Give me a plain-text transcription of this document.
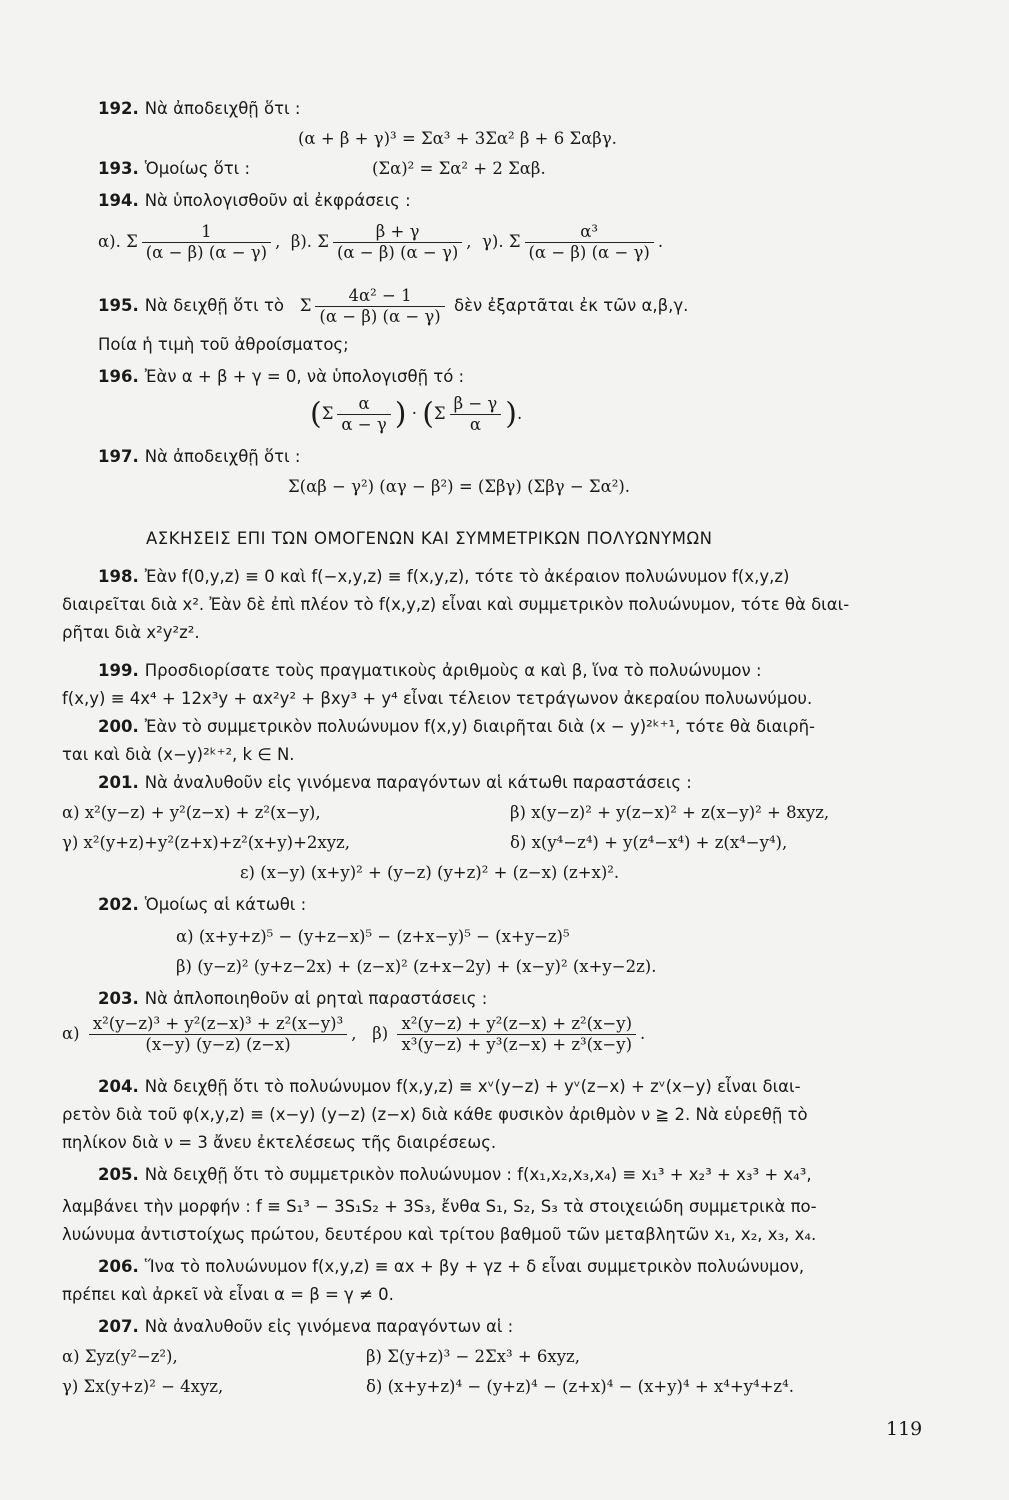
192. Νὰ ἀποδειχθῇ ὅτι :
(α + β + γ)³ = Σα³ + 3Σα² β + 6 Σαβγ.
193. Ὁμοίως ὅτι :	(Σα)² = Σα² + 2 Σαβ.
194. Νὰ ὑπολογισθοῦν αἱ ἐκφράσεις :
α). Σ $\frac{1}{(\alpha - \beta) (\alpha - \gamma)}$ , β). Σ $\frac{\beta + \gamma}{(\alpha - \beta) (\alpha - \gamma)}$ , γ). Σ $\frac{\text{α³}}{(\alpha - \beta) (\alpha - \gamma)}$ .
195. Νὰ δειχθῇ ὅτι τὸ Σ $\frac{\text{4α² − 1}}{(\alpha - \beta) (\alpha - \gamma)}$ δὲν ἐξαρτᾶται ἐκ τῶν α,β,γ.
Ποία ἡ τιμὴ τοῦ ἀθροίσματος;
196. Ἐὰν α + β + γ = 0, νὰ ὑπολογισθῇ τό :
($\Sigma \frac{\alpha}{\alpha - \gamma}$ ) · ($\Sigma \frac{\beta - \gamma}{\alpha}$ ).
197. Νὰ ἀποδειχθῇ ὅτι :
Σ(αβ − γ²) (αγ − β²) = (Σβγ) (Σβγ − Σα²).
ΑΣΚΗΣΕΙΣ ΕΠΙ ΤΩΝ ΟΜΟΓΕΝΩΝ ΚΑΙ ΣΥΜΜΕΤΡΙΚΩΝ ΠΟΛΥΩΝΥΜΩΝ
198. Ἐὰν f(0,y,z) ≡ 0 καὶ f(−x,y,z) ≡ f(x,y,z), τότε τὸ ἀκέραιον πολυώνυμον f(x,y,z)
διαιρεῖται διὰ x². Ἐὰν δὲ ἐπὶ πλέον τὸ f(x,y,z) εἶναι καὶ συμμετρικὸν πολυώνυμον, τότε θὰ διαι-
ρῆται διὰ x²y²z².
199. Προσδιορίσατε τοὺς πραγματικοὺς ἀριθμοὺς α καὶ β, ἵνα τὸ πολυώνυμον :
f(x,y) ≡ 4x⁴ + 12x³y + αx²y² + βxy³ + y⁴ εἶναι τέλειον τετράγωνον ἀκεραίου πολυωνύμου.
200. Ἐὰν τὸ συμμετρικὸν πολυώνυμον f(x,y) διαιρῆται διὰ (x − y)²ᵏ⁺¹, τότε θὰ διαιρῆ-
ται καὶ διὰ (x−y)²ᵏ⁺², k ∈ N.
201. Νὰ ἀναλυθοῦν εἰς γινόμενα παραγόντων αἱ κάτωθι παραστάσεις :
α) x²(y−z) + y²(z−x) + z²(x−y),	β) x(y−z)² + y(z−x)² + z(x−y)² + 8xyz,
γ) x²(y+z)+y²(z+x)+z²(x+y)+2xyz,	δ) x(y⁴−z⁴) + y(z⁴−x⁴) + z(x⁴−y⁴),
ε) (x−y) (x+y)² + (y−z) (y+z)² + (z−x) (z+x)².
202. Ὁμοίως αἱ κάτωθι :
α) (x+y+z)⁵ − (y+z−x)⁵ − (z+x−y)⁵ − (x+y−z)⁵
β) (y−z)² (y+z−2x) + (z−x)² (z+x−2y) + (x−y)² (x+y−2z).
203. Νὰ ἀπλοποιηθοῦν αἱ ρηταὶ παραστάσεις :
$\alpha) \frac{\text{x²(y−z)³ + y²(z−x)³ + z²(x−y)³}}{(x-y) (y-z) (z-x)}$ , $\beta) \frac{\text{x²(y−z) + y²(z−x) + z²(x−y)}}{\text{x³(y−z) + y³(z−x) + z³(x−y)}}$ .
204. Νὰ δειχθῇ ὅτι τὸ πολυώνυμον f(x,y,z) ≡ xᵛ(y−z) + yᵛ(z−x) + zᵛ(x−y) εἶναι διαι-
ρετὸν διὰ τοῦ φ(x,y,z) ≡ (x−y) (y−z) (z−x) διὰ κάθε φυσικὸν ἀριθμὸν ν ≧ 2. Νὰ εὑρεθῇ τὸ
πηλίκον διὰ ν = 3 ἄνευ ἐκτελέσεως τῆς διαιρέσεως.
205. Νὰ δειχθῇ ὅτι τὸ συμμετρικὸν πολυώνυμον : f(x₁,x₂,x₃,x₄) ≡ x₁³ + x₂³ + x₃³ + x₄³,
λαμβάνει τὴν μορφήν : f ≡ S₁³ − 3S₁S₂ + 3S₃, ἔνθα S₁, S₂, S₃ τὰ στοιχειώδη συμμετρικὰ πο-
λυώνυμα ἀντιστοίχως πρώτου, δευτέρου καὶ τρίτου βαθμοῦ τῶν μεταβλητῶν x₁, x₂, x₃, x₄.
206. Ἵνα τὸ πολυώνυμον f(x,y,z) ≡ αx + βy + γz + δ εἶναι συμμετρικὸν πολυώνυμον,
πρέπει καὶ ἀρκεῖ νὰ εἶναι α = β = γ ≠ 0.
207. Νὰ ἀναλυθοῦν εἰς γινόμενα παραγόντων αἱ :
α) Σyz(y²−z²),	β) Σ(y+z)³ − 2Σx³ + 6xyz,
γ) Σx(y+z)² − 4xyz,	δ) (x+y+z)⁴ − (y+z)⁴ − (z+x)⁴ − (x+y)⁴ + x⁴+y⁴+z⁴.
119
